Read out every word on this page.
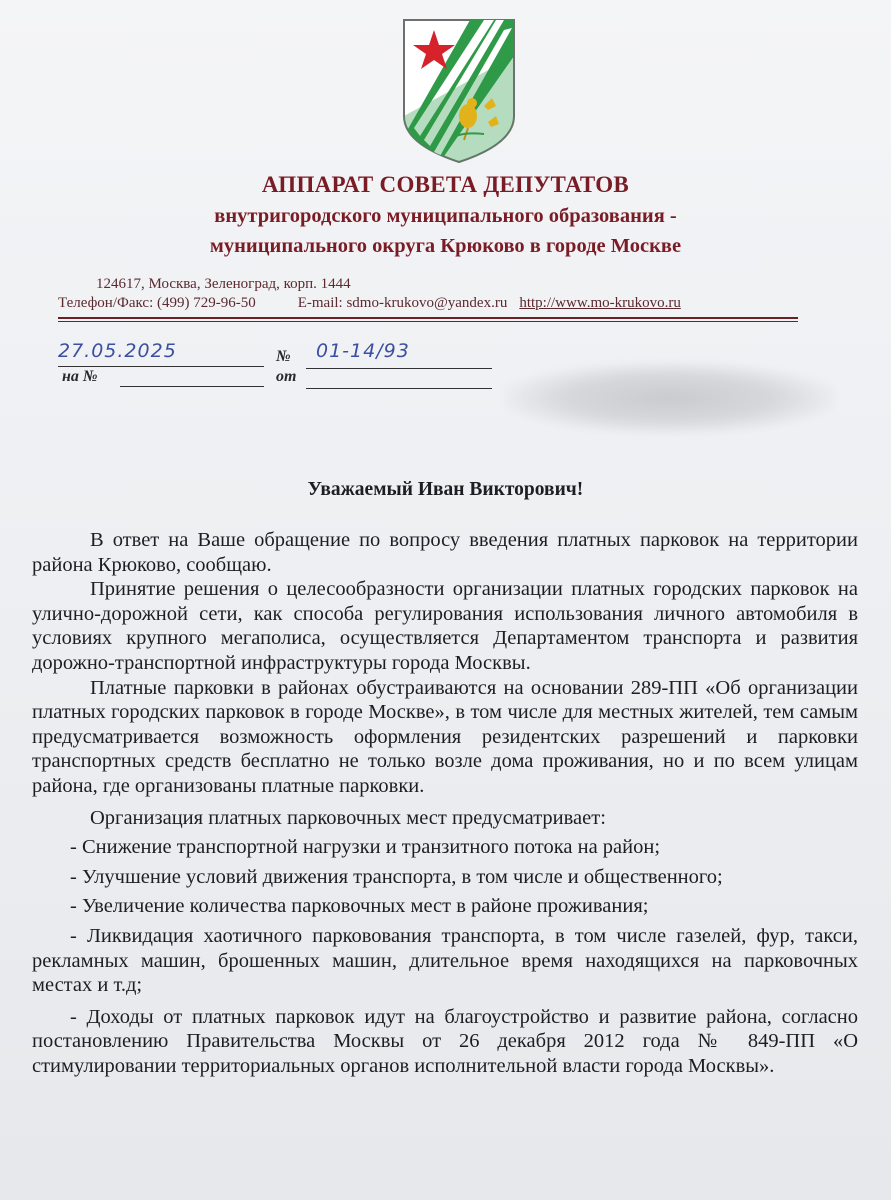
АППАРАТ СОВЕТА ДЕПУТАТОВ
внутригородского муниципального образования -
муниципального округа Крюково в городе Москве
124617, Москва, Зеленоград, корп. 1444
Телефон/Факс: (499) 729-96-50	E-mail: sdmo-krukovo@yandex.ru http://www.mo-krukovo.ru
27.05.2025	№ 01-14/93
на №	от
Уважаемый Иван Викторович!

В ответ на Ваше обращение по вопросу введения платных парковок на территории района Крюково, сообщаю.

Принятие решения о целесообразности организации платных городских парковок на улично-дорожной сети, как способа регулирования использования личного автомобиля в условиях крупного мегаполиса, осуществляется Департаментом транспорта и развития дорожно-транспортной инфраструктуры города Москвы.

Платные парковки в районах обустраиваются на основании 289-ПП «Об организации платных городских парковок в городе Москве», в том числе для местных жителей, тем самым предусматривается возможность оформления резидентских разрешений и парковки транспортных средств бесплатно не только возле дома проживания, но и по всем улицам района, где организованы платные парковки.

Организация платных парковочных мест предусматривает:

- Снижение транспортной нагрузки и транзитного потока на район;

- Улучшение условий движения транспорта, в том числе и общественного;

- Увеличение количества парковочных мест в районе проживания;

- Ликвидация хаотичного парковования транспорта, в том числе газелей, фур, такси, рекламных машин, брошенных машин, длительное время находящихся на парковочных местах и т.д;

- Доходы от платных парковок идут на благоустройство и развитие района, согласно постановлению Правительства Москвы от 26 декабря 2012 года № 849-ПП «О стимулировании территориальных органов исполнительной власти города Москвы».
